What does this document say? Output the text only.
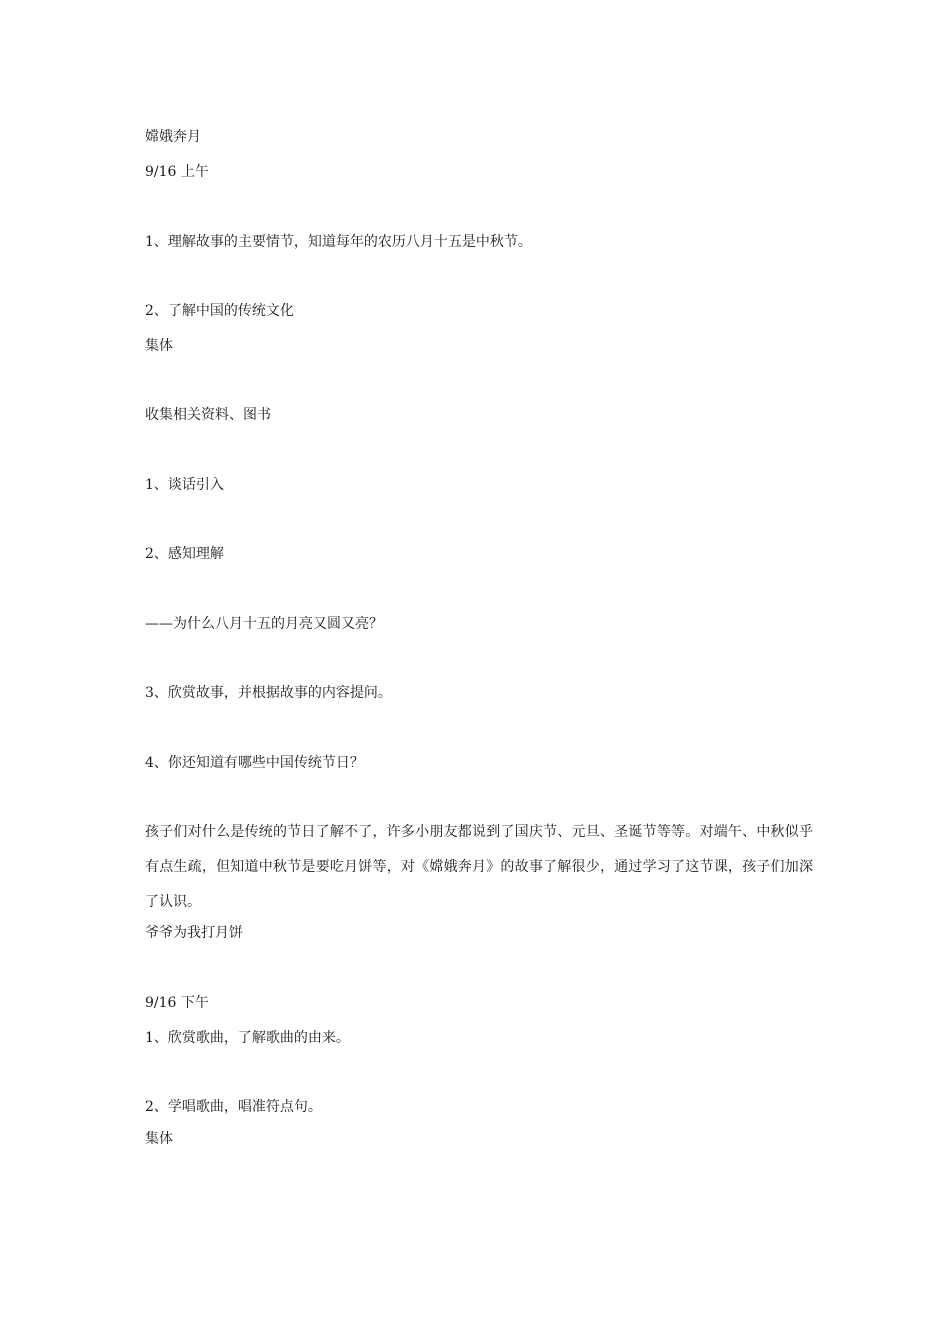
嫦娥奔月
9/16 上午
1、理解故事的主要情节，知道每年的农历八月十五是中秋节。
2、了解中国的传统文化
集体
收集相关资料、图书
1、谈话引入
2、感知理解
——为什么八月十五的月亮又圆又亮？
3、欣赏故事，并根据故事的内容提问。
4、你还知道有哪些中国传统节日？
孩子们对什么是传统的节日了解不了，许多小朋友都说到了国庆节、元旦、圣诞节等等。对端午、中秋似乎有点生疏，但知道中秋节是要吃月饼等，对《嫦娥奔月》的故事了解很少，通过学习了这节课，孩子们加深了认识。
爷爷为我打月饼
9/16 下午
1、欣赏歌曲，了解歌曲的由来。
2、学唱歌曲，唱准符点句。
集体
